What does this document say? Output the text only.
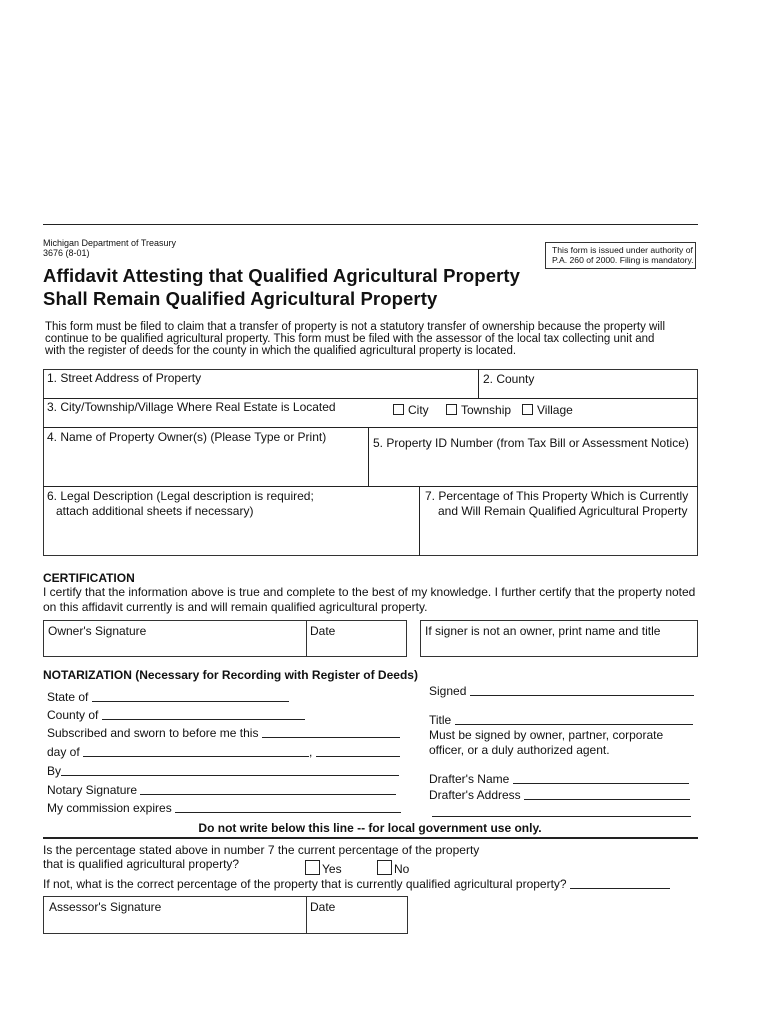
Michigan Department of Treasury
3676 (8-01)	This form is issued under authority of
P.A. 260 of 2000. Filing is mandatory.
Affidavit Attesting that Qualified Agricultural Property
Shall Remain Qualified Agricultural Property
This form must be filed to claim that a transfer of property is not a statutory transfer of ownership because the property will
continue to be qualified agricultural property. This form must be filed with the assessor of the local tax collecting unit and
with the register of deeds for the county in which the qualified agricultural property is located.
1. Street Address of Property	2. County
3. City/Township/Village Where Real Estate is Located	City	Township	Village
4. Name of Property Owner(s) (Please Type or Print)	5. Property ID Number (from Tax Bill or Assessment Notice)
6. Legal Description (Legal description is required;
attach additional sheets if necessary)
7. Percentage of This Property Which is Currently
and Will Remain Qualified Agricultural Property
CERTIFICATION
I certify that the information above is true and complete to the best of my knowledge. I further certify that the property noted
on this affidavit currently is and will remain qualified agricultural property.
Owner's Signature	Date	If signer is not an owner, print name and title
NOTARIZATION (Necessary for Recording with Register of Deeds)
State of
County of
Subscribed and sworn to before me this
day of	,
By
Notary Signature
My commission expires
Signed
Title
Must be signed by owner, partner, corporate
officer, or a duly authorized agent.
Drafter's Name
Drafter's Address
Do not write below this line -- for local government use only.
Is the percentage stated above in number 7 the current percentage of the property
that is qualified agricultural property?	Yes	No
If not, what is the correct percentage of the property that is currently qualified agricultural property?
Assessor's Signature	Date
